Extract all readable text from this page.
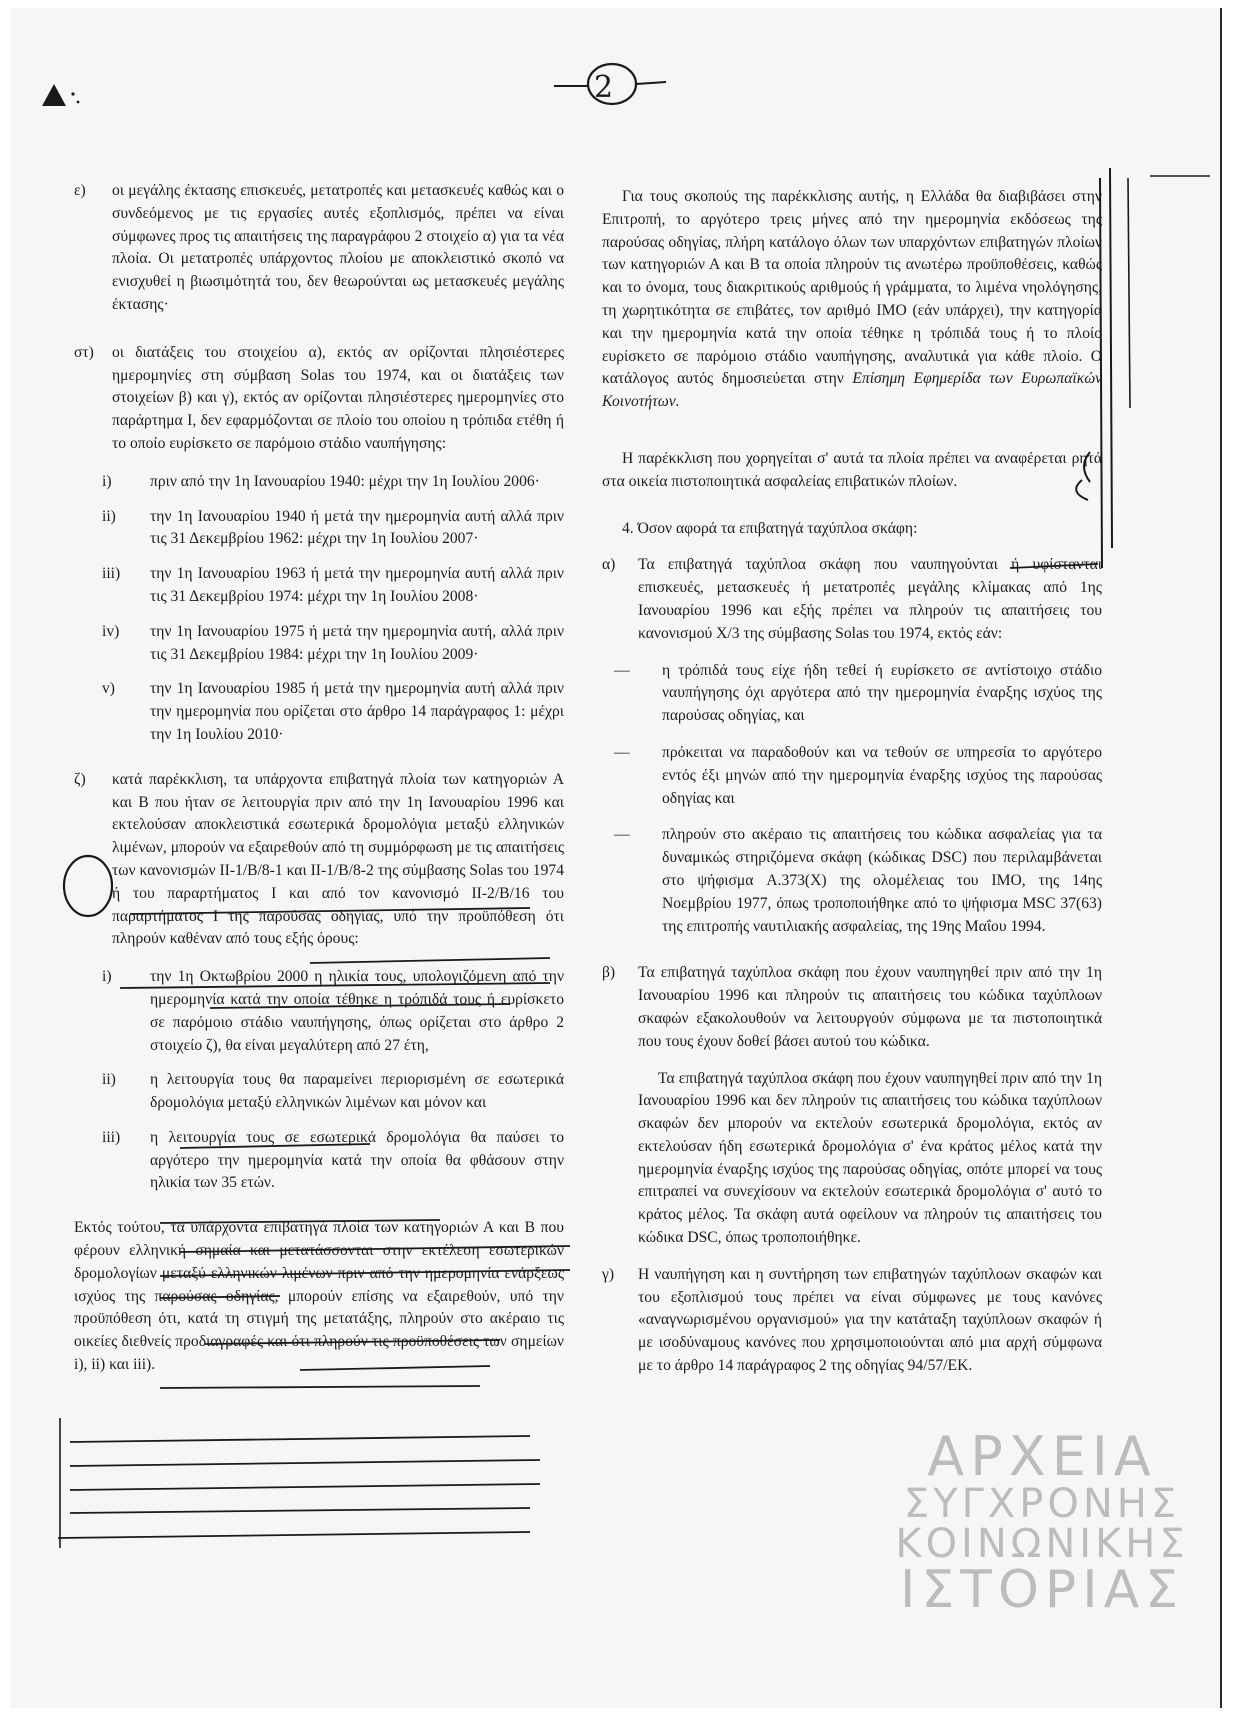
2
ε) οι μεγάλης έκτασης επισκευές, μετατροπές και μετασκευές καθώς και ο συνδεόμενος με τις εργασίες αυτές εξοπλισμός, πρέπει να είναι σύμφωνες προς τις απαιτήσεις της παραγράφου 2 στοιχείο α) για τα νέα πλοία. Οι μετατροπές υπάρχοντος πλοίου με αποκλειστικό σκοπό να ενισχυθεί η βιωσιμότητά του, δεν θεωρούνται ως μετασκευές μεγάλης έκτασης·

στ) οι διατάξεις του στοιχείου α), εκτός αν ορίζονται πλησιέστερες ημερομηνίες στη σύμβαση Solas του 1974, και οι διατάξεις των στοιχείων β) και γ), εκτός αν ορίζονται πλησιέστερες ημερομηνίες στο παράρτημα I, δεν εφαρμόζονται σε πλοίο του οποίου η τρόπιδα ετέθη ή το οποίο ευρίσκετο σε παρόμοιο στάδιο ναυπήγησης:

i) πριν από την 1η Ιανουαρίου 1940: μέχρι την 1η Ιουλίου 2006·

ii) την 1η Ιανουαρίου 1940 ή μετά την ημερομηνία αυτή αλλά πριν τις 31 Δεκεμβρίου 1962: μέχρι την 1η Ιουλίου 2007·

iii) την 1η Ιανουαρίου 1963 ή μετά την ημερομηνία αυτή αλλά πριν τις 31 Δεκεμβρίου 1974: μέχρι την 1η Ιουλίου 2008·

iv) την 1η Ιανουαρίου 1975 ή μετά την ημερομηνία αυτή, αλλά πριν τις 31 Δεκεμβρίου 1984: μέχρι την 1η Ιουλίου 2009·

v) την 1η Ιανουαρίου 1985 ή μετά την ημερομηνία αυτή αλλά πριν την ημερομηνία που ορίζεται στο άρθρο 14 παράγραφος 1: μέχρι την 1η Ιουλίου 2010·

ζ) κατά παρέκκλιση, τα υπάρχοντα επιβατηγά πλοία των κατηγοριών Α και Β που ήταν σε λειτουργία πριν από την 1η Ιανουαρίου 1996 και εκτελούσαν αποκλειστικά εσωτερικά δρομολόγια μεταξύ ελληνικών λιμένων, μπορούν να εξαιρεθούν από τη συμμόρφωση με τις απαιτήσεις των κανονισμών II-1/B/8-1 και II-1/B/8-2 της σύμβασης Solas του 1974 ή του παραρτήματος I και από τον κανονισμό II-2/B/16 του παραρτήματος I της παρούσας οδηγίας, υπό την προϋπόθεση ότι πληρούν καθέναν από τους εξής όρους:

i) την 1η Οκτωβρίου 2000 η ηλικία τους, υπολογιζόμενη από την ημερομηνία κατά την οποία τέθηκε η τρόπιδά τους ή ευρίσκετο σε παρόμοιο στάδιο ναυπήγησης, όπως ορίζεται στο άρθρο 2 στοιχείο ζ), θα είναι μεγαλύτερη από 27 έτη,

ii) η λειτουργία τους θα παραμείνει περιορισμένη σε εσωτερικά δρομολόγια μεταξύ ελληνικών λιμένων και μόνον και

iii) η λειτουργία τους σε εσωτερικά δρομολόγια θα παύσει το αργότερο την ημερομηνία κατά την οποία θα φθάσουν στην ηλικία των 35 ετών.

Εκτός τούτου, τα υπάρχοντα επιβατηγά πλοία των κατηγοριών Α και Β που φέρουν ελληνική σημαία και μετατάσσονται στην εκτέλεση εσωτερικών δρομολογίων μεταξύ ελληνικών λιμένων πριν από την ημερομηνία ενάρξεως ισχύος της παρούσας οδηγίας, μπορούν επίσης να εξαιρεθούν, υπό την προϋπόθεση ότι, κατά τη στιγμή της μετατάξης, πληρούν στο ακέραιο τις οικείες διεθνείς προδιαγραφές και ότι πληρούν τις προϋποθέσεις των σημείων i), ii) και iii).

Για τους σκοπούς της παρέκκλισης αυτής, η Ελλάδα θα διαβιβάσει στην Επιτροπή, το αργότερο τρεις μήνες από την ημερομηνία εκδόσεως της παρούσας οδηγίας, πλήρη κατάλογο όλων των υπαρχόντων επιβατηγών πλοίων των κατηγοριών Α και Β τα οποία πληρούν τις ανωτέρω προϋποθέσεις, καθώς και το όνομα, τους διακριτικούς αριθμούς ή γράμματα, το λιμένα νηολόγησης, τη χωρητικότητα σε επιβάτες, τον αριθμό IMO (εάν υπάρχει), την κατηγορία και την ημερομηνία κατά την οποία τέθηκε η τρόπιδά τους ή το πλοίο ευρίσκετο σε παρόμοιο στάδιο ναυπήγησης, αναλυτικά για κάθε πλοίο. Ο κατάλογος αυτός δημοσιεύεται στην Επίσημη Εφημερίδα των Ευρωπαϊκών Κοινοτήτων.

Η παρέκκλιση που χορηγείται σ' αυτά τα πλοία πρέπει να αναφέρεται ρητά στα οικεία πιστοποιητικά ασφαλείας επιβατικών πλοίων.

4. Όσον αφορά τα επιβατηγά ταχύπλοα σκάφη:

α) Τα επιβατηγά ταχύπλοα σκάφη που ναυπηγούνται ή υφίστανται επισκευές, μετασκευές ή μετατροπές μεγάλης κλίμακας από 1ης Ιανουαρίου 1996 και εξής πρέπει να πληρούν τις απαιτήσεις του κανονισμού X/3 της σύμβασης Solas του 1974, εκτός εάν:

— η τρόπιδά τους είχε ήδη τεθεί ή ευρίσκετο σε αντίστοιχο στάδιο ναυπήγησης όχι αργότερα από την ημερομηνία έναρξης ισχύος της παρούσας οδηγίας, και

— πρόκειται να παραδοθούν και να τεθούν σε υπηρεσία το αργότερο εντός έξι μηνών από την ημερομηνία έναρξης ισχύος της παρούσας οδηγίας και

— πληρούν στο ακέραιο τις απαιτήσεις του κώδικα ασφαλείας για τα δυναμικώς στηριζόμενα σκάφη (κώδικας DSC) που περιλαμβάνεται στο ψήφισμα A.373(X) της ολομέλειας του IMO, της 14ης Νοεμβρίου 1977, όπως τροποποιήθηκε από το ψήφισμα MSC 37(63) της επιτροπής ναυτιλιακής ασφαλείας, της 19ης Μαΐου 1994.

β) Τα επιβατηγά ταχύπλοα σκάφη που έχουν ναυπηγηθεί πριν από την 1η Ιανουαρίου 1996 και πληρούν τις απαιτήσεις του κώδικα ταχύπλοων σκαφών εξακολουθούν να λειτουργούν σύμφωνα με τα πιστοποιητικά που τους έχουν δοθεί βάσει αυτού του κώδικα.

Τα επιβατηγά ταχύπλοα σκάφη που έχουν ναυπηγηθεί πριν από την 1η Ιανουαρίου 1996 και δεν πληρούν τις απαιτήσεις του κώδικα ταχύπλοων σκαφών δεν μπορούν να εκτελούν εσωτερικά δρομολόγια, εκτός αν εκτελούσαν ήδη εσωτερικά δρομολόγια σ' ένα κράτος μέλος κατά την ημερομηνία έναρξης ισχύος της παρούσας οδηγίας, οπότε μπορεί να τους επιτραπεί να συνεχίσουν να εκτελούν εσωτερικά δρομολόγια σ' αυτό το κράτος μέλος. Τα σκάφη αυτά οφείλουν να πληρούν τις απαιτήσεις του κώδικα DSC, όπως τροποποιήθηκε.

γ) Η ναυπήγηση και η συντήρηση των επιβατηγών ταχύπλοων σκαφών και του εξοπλισμού τους πρέπει να είναι σύμφωνες με τους κανόνες «αναγνωρισμένου οργανισμού» για την κατάταξη ταχύπλοων σκαφών ή με ισοδύναμους κανόνες που χρησιμοποιούνται από μια αρχή σύμφωνα με το άρθρο 14 παράγραφος 2 της οδηγίας 94/57/ΕΚ.

ΑΡΧΕΙΑ
ΣΥΓΧΡΟΝΗΣ
ΚΟΙΝΩΝΙΚΗΣ
ΙΣΤΟΡΙΑΣ
